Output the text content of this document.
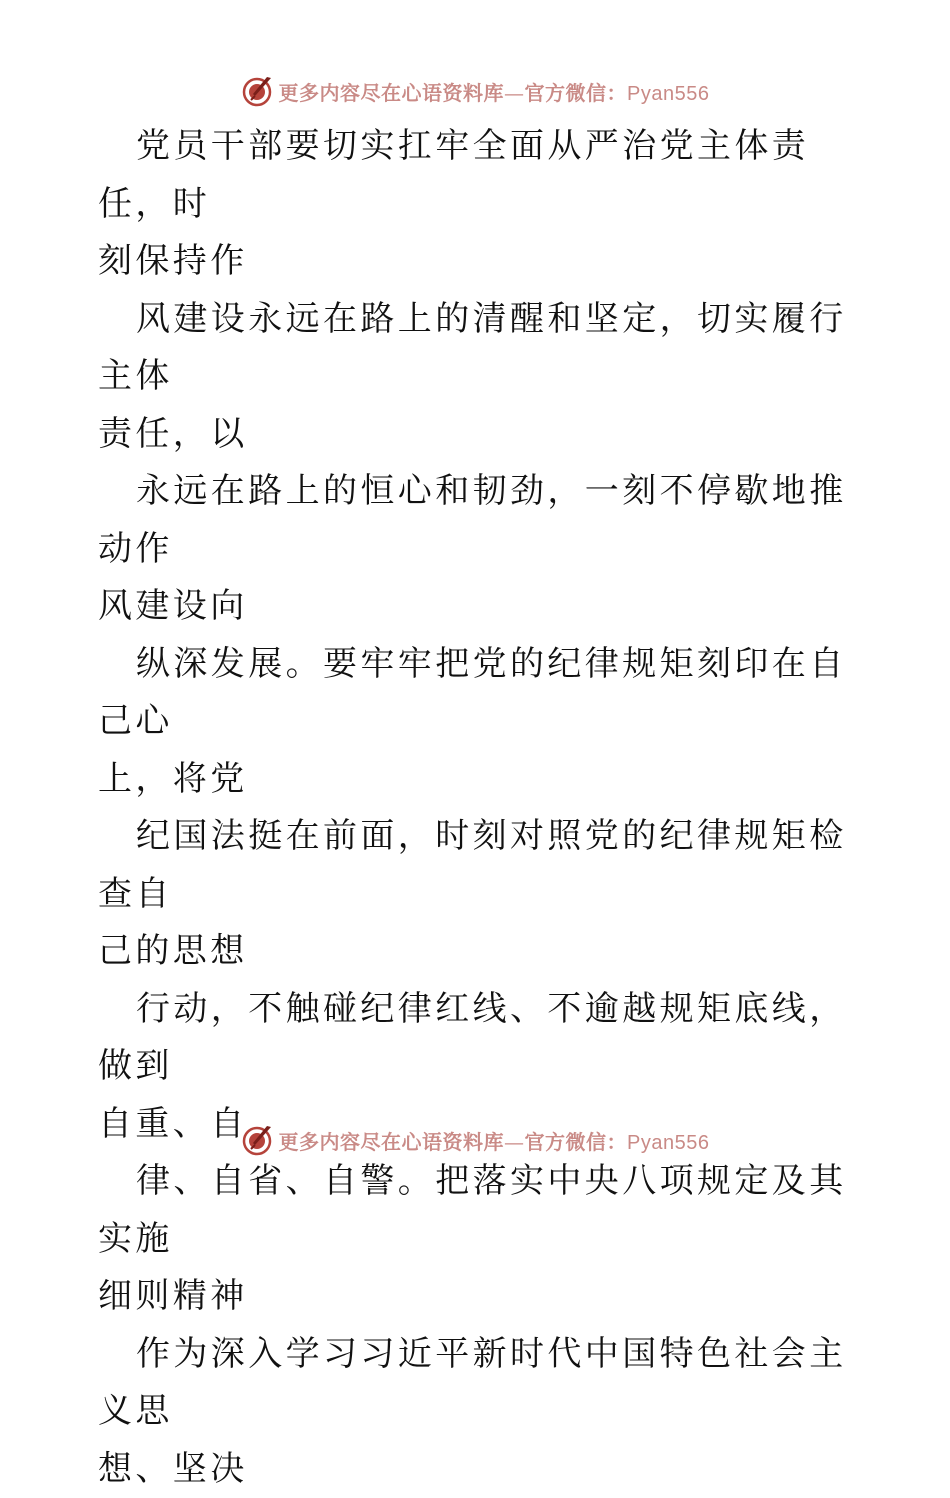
更多内容尽在心语资料库—官方微信：Pyan556

党员干部要切实扛牢全面从严治党主体责任，时
刻保持作

风建设永远在路上的清醒和坚定，切实履行主体
责任，以

永远在路上的恒心和韧劲，一刻不停歇地推动作
风建设向

纵深发展。要牢牢把党的纪律规矩刻印在自己心
上，将党

纪国法挺在前面，时刻对照党的纪律规矩检查自
己的思想

行动，不触碰纪律红线、不逾越规矩底线，做到
自重、自

律、自省、自警。把落实中央八项规定及其实施
细则精神

作为深入学习习近平新时代中国特色社会主义思
想、坚决

更多内容尽在心语资料库—官方微信：Pyan556
